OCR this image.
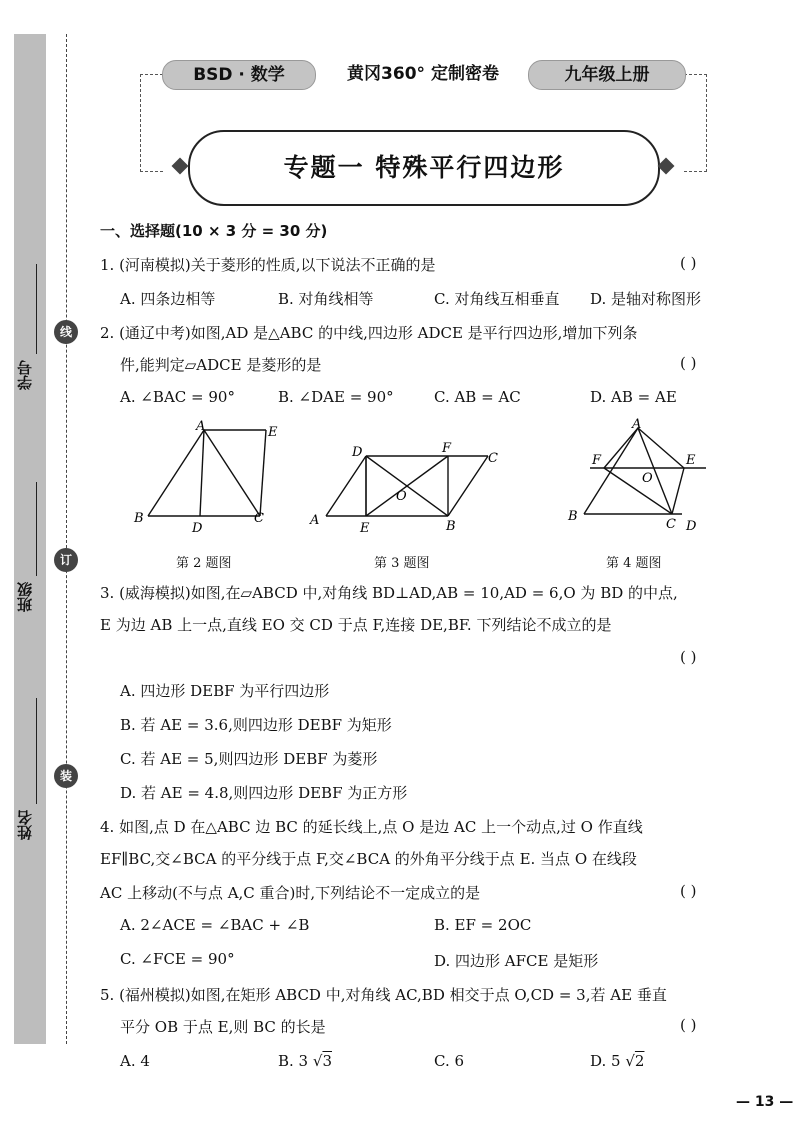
学号
班级
姓名
线
订
装
BSD · 数学	黄冈360° 定制密卷	九年级上册
专题一 特殊平行四边形
一、选择题(10 × 3 分 = 30 分)
1. (河南模拟)关于菱形的性质,以下说法不正确的是	( )
A. 四条边相等	B. 对角线相等	C. 对角线互相垂直 D. 是轴对称图形
2. (通辽中考)如图,AD 是△ABC 的中线,四边形 ADCE 是平行四边形,增加下列条
件,能判定▱ADCE 是菱形的是	( )
A. ∠BAC = 90°	B. ∠DAE = 90°	C. AB = AC	D. AB = AE
A	E
B
D
C
第 2 题图
D	F
C
O
A
E	B
第 3 题图
A
F	E
O
B
C D
第 4 题图
3. (威海模拟)如图,在▱ABCD 中,对角线 BD⊥AD,AB = 10,AD = 6,O 为 BD 的中点,
E 为边 AB 上一点,直线 EO 交 CD 于点 F,连接 DE,BF. 下列结论不成立的是
( )
A. 四边形 DEBF 为平行四边形
B. 若 AE = 3.6,则四边形 DEBF 为矩形
C. 若 AE = 5,则四边形 DEBF 为菱形
D. 若 AE = 4.8,则四边形 DEBF 为正方形
4. 如图,点 D 在△ABC 边 BC 的延长线上,点 O 是边 AC 上一个动点,过 O 作直线
EF∥BC,交∠BCA 的平分线于点 F,交∠BCA 的外角平分线于点 E. 当点 O 在线段
AC 上移动(不与点 A,C 重合)时,下列结论不一定成立的是	( )
A. 2∠ACE = ∠BAC + ∠B	B. EF = 2OC
C. ∠FCE = 90°	D. 四边形 AFCE 是矩形
5. (福州模拟)如图,在矩形 ABCD 中,对角线 AC,BD 相交于点 O,CD = 3,若 AE 垂直
平分 OB 于点 E,则 BC 的长是	( )
A. 4	B. 3 √3	C. 6	D. 5 √2
— 13 —
